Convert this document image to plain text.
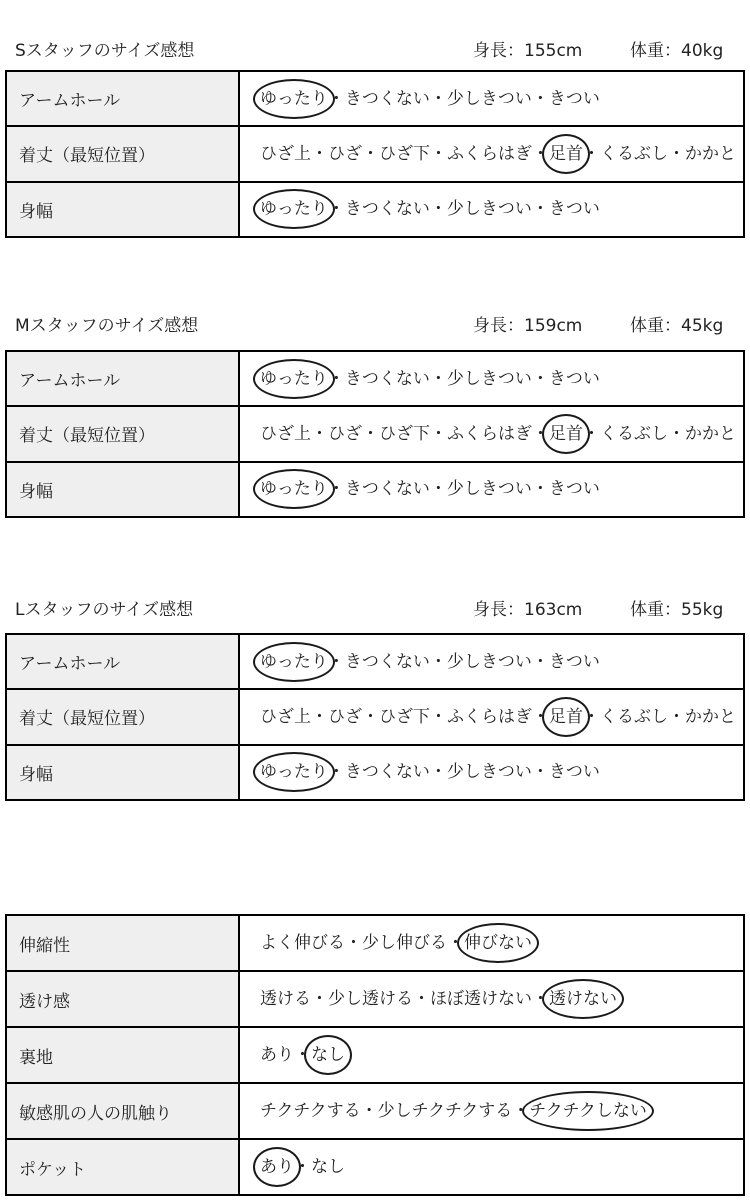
Sスタッフのサイズ感想	身長：155cm	体重：40kg
アームホール	ゆったり ・ きつくない ・ 少しきつい ・ きつい
着丈（最短位置）	ひざ上 ・ ひざ ・ ひざ下 ・ ふくらはぎ ・ 足首 ・ くるぶし ・ かかと
身幅	ゆったり ・ きつくない ・ 少しきつい ・ きつい
Mスタッフのサイズ感想	身長：159cm	体重：45kg
アームホール	ゆったり ・ きつくない ・ 少しきつい ・ きつい
着丈（最短位置）	ひざ上 ・ ひざ ・ ひざ下 ・ ふくらはぎ ・ 足首 ・ くるぶし ・ かかと
身幅	ゆったり ・ きつくない ・ 少しきつい ・ きつい
Lスタッフのサイズ感想	身長：163cm	体重：55kg
アームホール	ゆったり ・ きつくない ・ 少しきつい ・ きつい
着丈（最短位置）	ひざ上 ・ ひざ ・ ひざ下 ・ ふくらはぎ ・ 足首 ・ くるぶし ・ かかと
身幅	ゆったり ・ きつくない ・ 少しきつい ・ きつい
伸縮性	よく伸びる ・ 少し伸びる ・ 伸びない
透け感	透ける ・ 少し透ける ・ ほぼ透けない ・ 透けない
裏地	あり ・ なし
敏感肌の人の肌触り	チクチクする ・ 少しチクチクする ・ チクチクしない
ポケット	あり ・ なし
